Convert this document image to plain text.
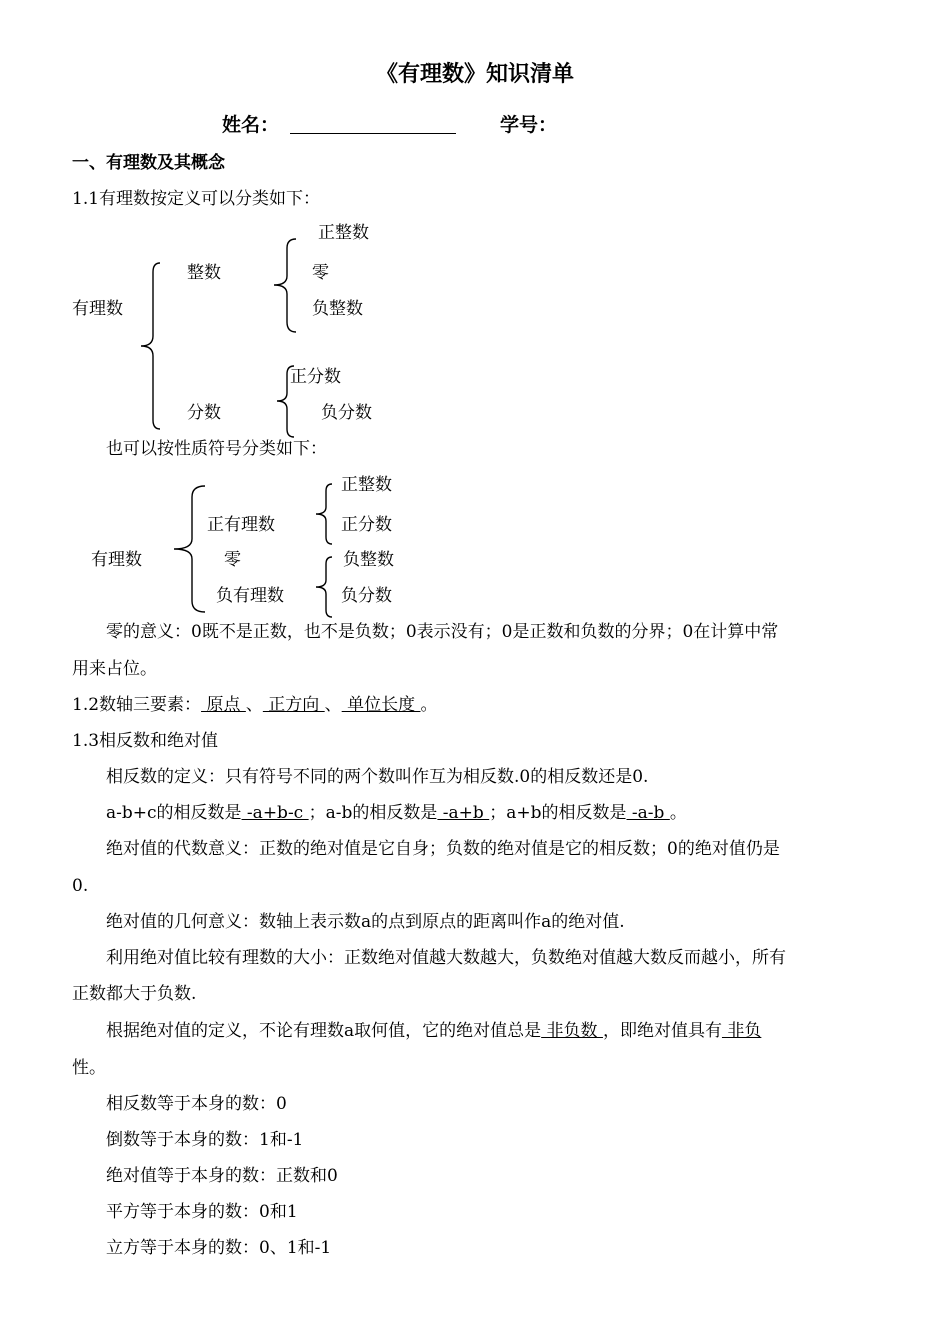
《有理数》知识清单
姓名：	学号：
一、有理数及其概念
1.1有理数按定义可以分类如下：
有理数
整数
正整数
零
负整数
分数
正分数
负分数
也可以按性质符号分类如下：
有理数
正有理数
零
负有理数
正整数
正分数
负整数
负分数
零的意义：0既不是正数，也不是负数；0表示没有；0是正数和负数的分界；0在计算中常
用来占位。
1.2数轴三要素： 原点 、 正方向 、 单位长度 。
1.3相反数和绝对值
相反数的定义：只有符号不同的两个数叫作互为相反数.0的相反数还是0.
a-b+c的相反数是 -a+b-c ；a-b的相反数是 -a+b ；a+b的相反数是 -a-b 。
绝对值的代数意义：正数的绝对值是它自身；负数的绝对值是它的相反数；0的绝对值仍是
0.
绝对值的几何意义：数轴上表示数a的点到原点的距离叫作a的绝对值.
利用绝对值比较有理数的大小：正数绝对值越大数越大，负数绝对值越大数反而越小，所有
正数都大于负数.
根据绝对值的定义，不论有理数a取何值，它的绝对值总是 非负数 ，即绝对值具有 非负
性。
相反数等于本身的数：0
倒数等于本身的数：1和-1
绝对值等于本身的数：正数和0
平方等于本身的数：0和1
立方等于本身的数：0、1和-1
